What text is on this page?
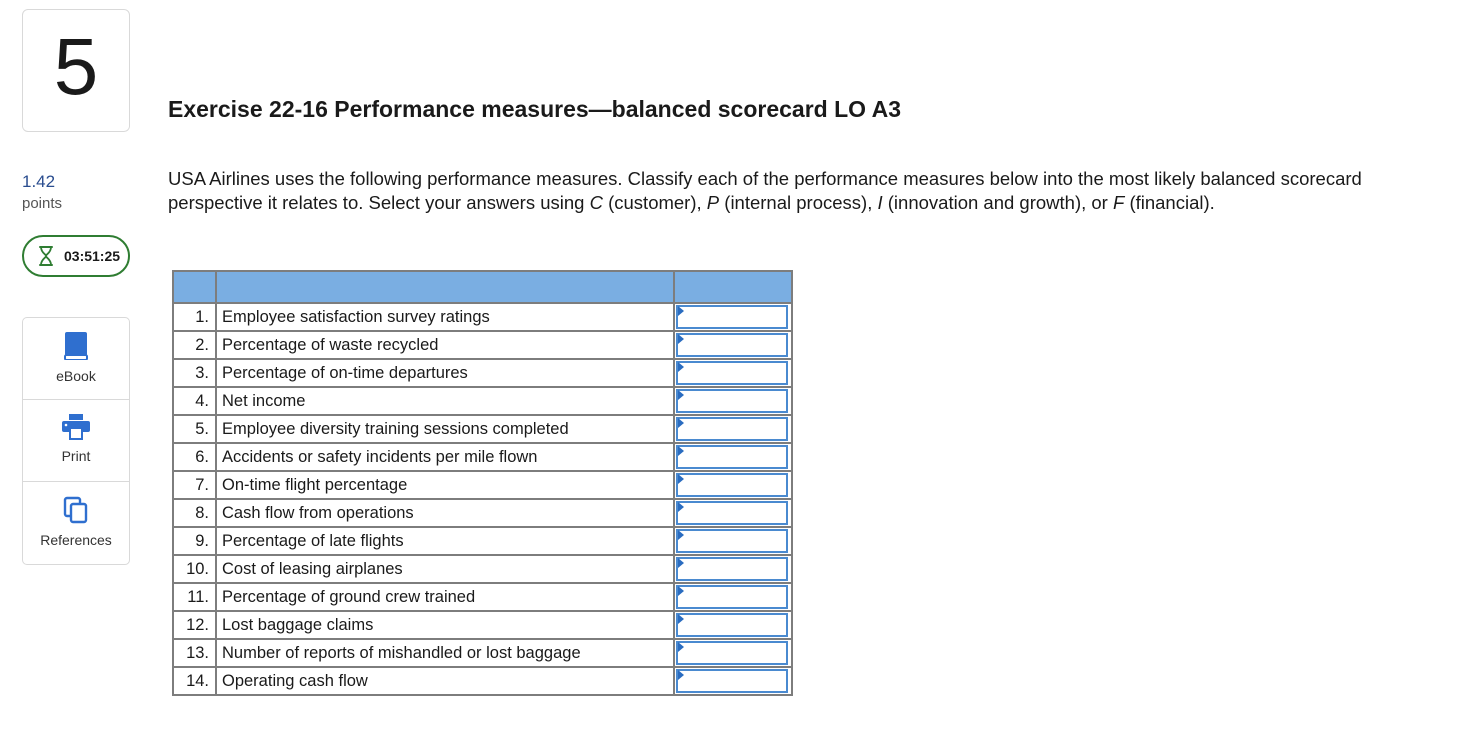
5
1.42
points
03:51:25
eBook
Print
References
Exercise 22-16 Performance measures—balanced scorecard LO A3

USA Airlines uses the following performance measures. Classify each of the performance measures below into the most likely balanced scorecard perspective it relates to. Select your answers using C (customer), P (internal process), I (innovation and growth), or F (financial).

1.	Employee satisfaction survey ratings	

2.	Percentage of waste recycled	

3.	Percentage of on-time departures	

4.	Net income	

5.	Employee diversity training sessions completed	

6.	Accidents or safety incidents per mile flown	

7.	On-time flight percentage	

8.	Cash flow from operations	

9.	Percentage of late flights	

10.	Cost of leasing airplanes	

11.	Percentage of ground crew trained	

12.	Lost baggage claims	

13.	Number of reports of mishandled or lost baggage	

14.	Operating cash flow	
